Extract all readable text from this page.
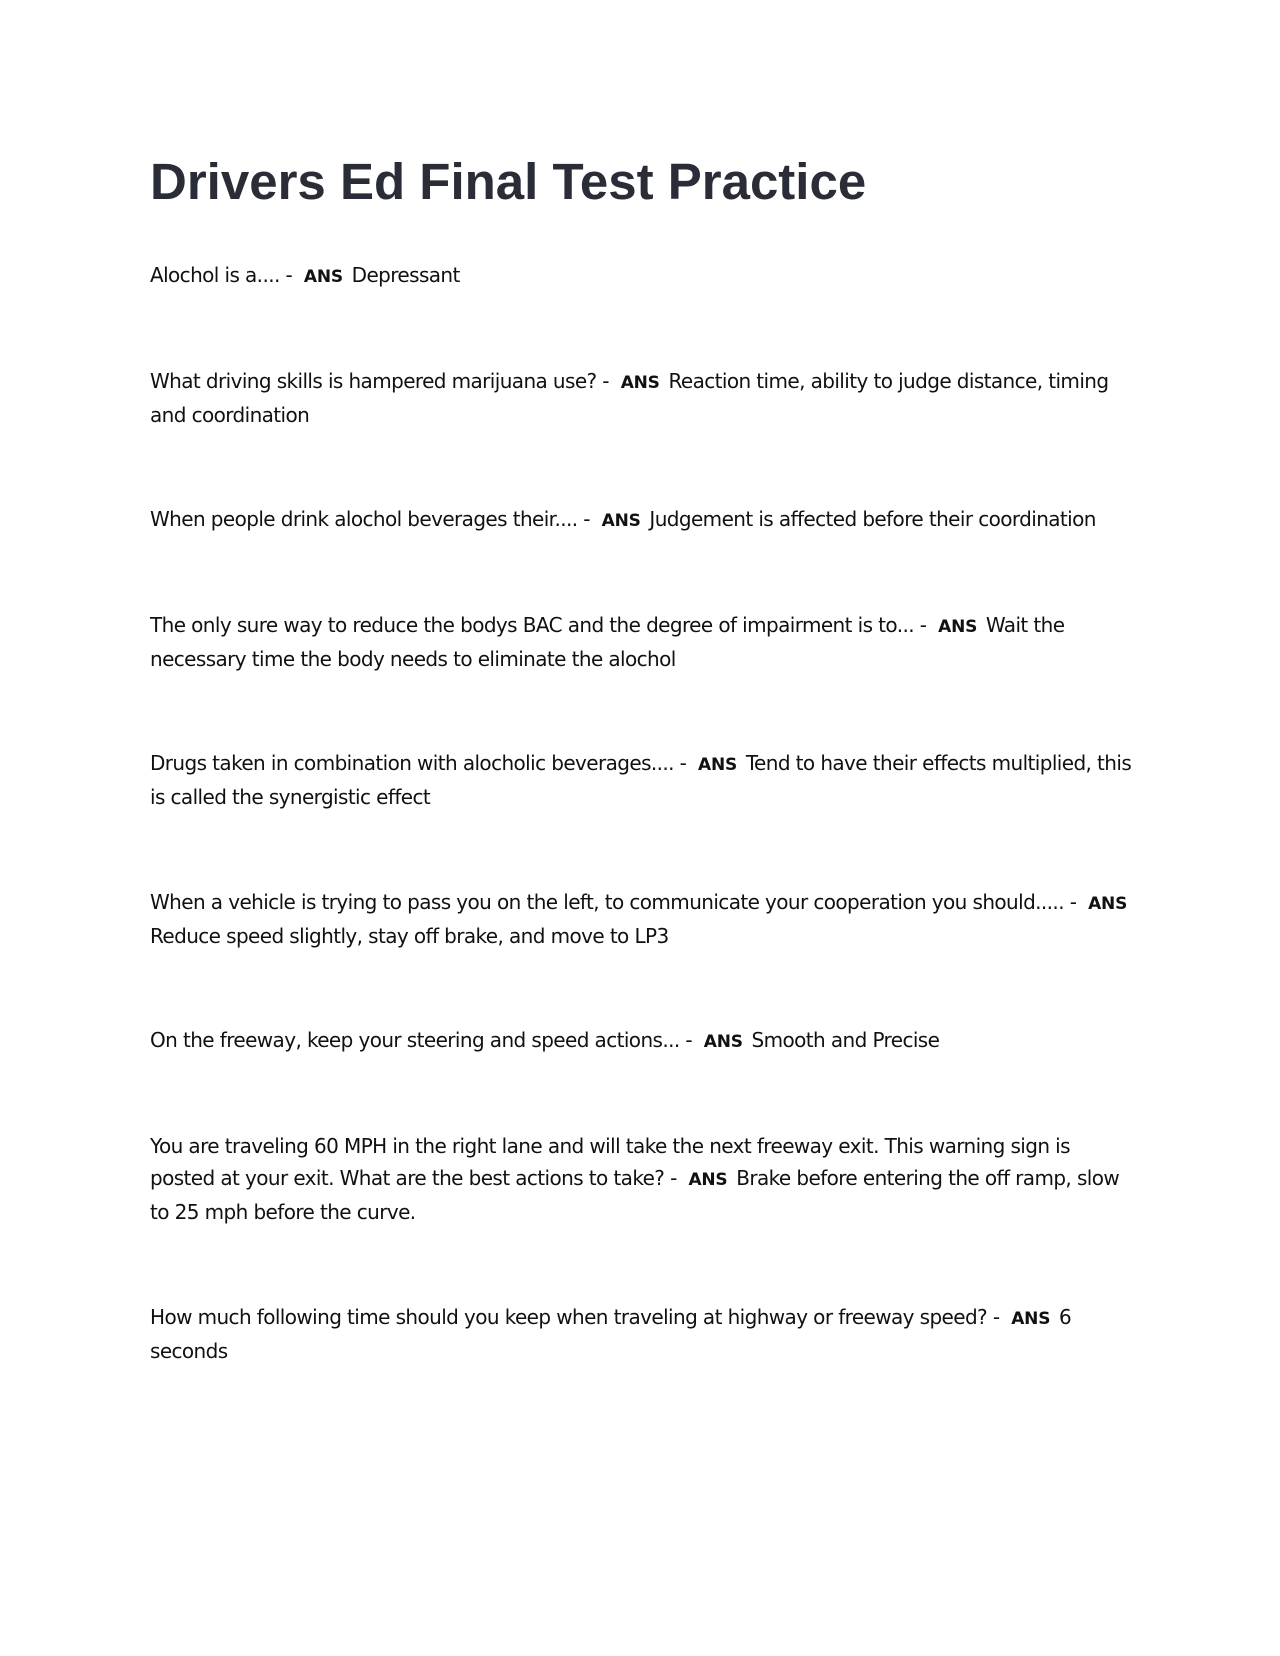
Drivers Ed Final Test Practice

Alochol is a.... - ANS Depressant

What driving skills is hampered marijuana use? - ANS Reaction time, ability to judge distance, timing and coordination

When people drink alochol beverages their.... - ANS Judgement is affected before their coordination

The only sure way to reduce the bodys BAC and the degree of impairment is to... - ANS Wait the necessary time the body needs to eliminate the alochol

Drugs taken in combination with alocholic beverages.... - ANS Tend to have their effects multiplied, this is called the synergistic effect

When a vehicle is trying to pass you on the left, to communicate your cooperation you should..... - ANS Reduce speed slightly, stay off brake, and move to LP3

On the freeway, keep your steering and speed actions... - ANS Smooth and Precise

You are traveling 60 MPH in the right lane and will take the next freeway exit. This warning sign is posted at your exit. What are the best actions to take? - ANS Brake before entering the off ramp, slow to 25 mph before the curve.

How much following time should you keep when traveling at highway or freeway speed? - ANS 6 seconds
